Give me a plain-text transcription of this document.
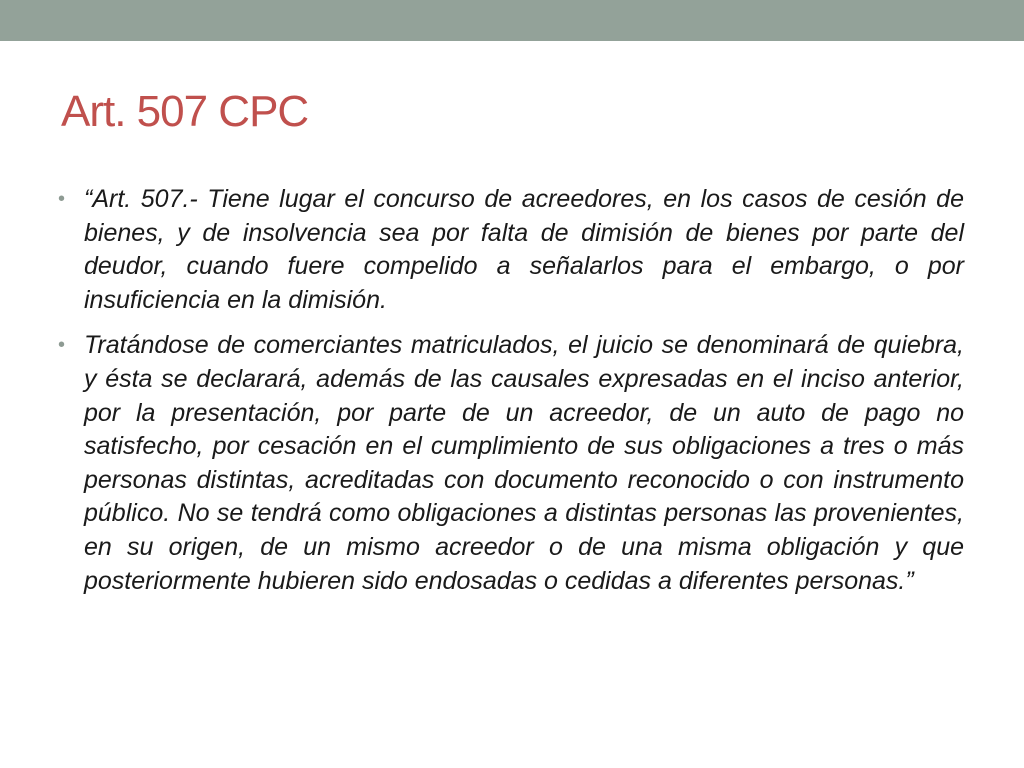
Art. 507 CPC
• “Art. 507.- Tiene lugar el concurso de acreedores, en los casos de cesión de bienes, y de insolvencia sea por falta de dimisión de bienes por parte del deudor, cuando fuere compelido a señalarlos para el embargo, o por insuficiencia en la dimisión.
• Tratándose de comerciantes matriculados, el juicio se denominará de quiebra, y ésta se declarará, además de las causales expresadas en el inciso anterior, por la presentación, por parte de un acreedor, de un auto de pago no satisfecho, por cesación en el cumplimiento de sus obligaciones a tres o más personas distintas, acreditadas con documento reconocido o con instrumento público. No se tendrá como obligaciones a distintas personas las provenientes, en su origen, de un mismo acreedor o de una misma obligación y que posteriormente hubieren sido endosadas o cedidas a diferentes personas.”
